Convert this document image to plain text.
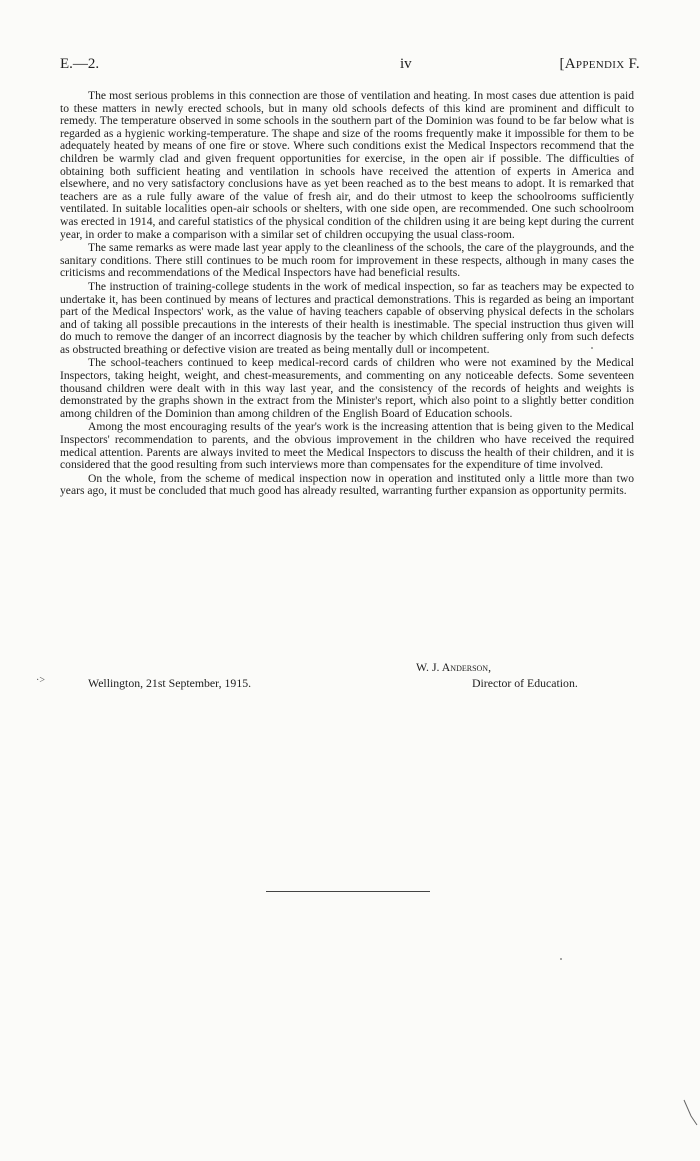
E.—2.	iv	[Appendix F.

The most serious problems in this connection are those of ventilation and heating. In most cases due attention is paid to these matters in newly erected schools, but in many old schools defects of this kind are prominent and difficult to remedy. The temperature observed in some schools in the southern part of the Dominion was found to be far below what is regarded as a hygienic working-temperature. The shape and size of the rooms frequently make it impossible for them to be adequately heated by means of one fire or stove. Where such conditions exist the Medical Inspectors recommend that the children be warmly clad and given frequent opportunities for exercise, in the open air if possible. The difficulties of obtaining both sufficient heating and ventilation in schools have received the attention of experts in America and elsewhere, and no very satisfactory conclusions have as yet been reached as to the best means to adopt. It is remarked that teachers are as a rule fully aware of the value of fresh air, and do their utmost to keep the schoolrooms sufficiently ventilated. In suitable localities open-air schools or shelters, with one side open, are recommended. One such schoolroom was erected in 1914, and careful statistics of the physical condition of the children using it are being kept during the current year, in order to make a comparison with a similar set of children occupying the usual class-room.

The same remarks as were made last year apply to the cleanliness of the schools, the care of the playgrounds, and the sanitary conditions. There still continues to be much room for improvement in these respects, although in many cases the criticisms and recommendations of the Medical Inspectors have had beneficial results.

The instruction of training-college students in the work of medical inspection, so far as teachers may be expected to undertake it, has been continued by means of lectures and practical demonstrations. This is regarded as being an important part of the Medical Inspectors' work, as the value of having teachers capable of observing physical defects in the scholars and of taking all possible precautions in the interests of their health is inestimable. The special instruction thus given will do much to remove the danger of an incorrect diagnosis by the teacher by which children suffering only from such defects as obstructed breathing or defective vision are treated as being mentally dull or incompetent.

The school-teachers continued to keep medical-record cards of children who were not examined by the Medical Inspectors, taking height, weight, and chest-measurements, and commenting on any noticeable defects. Some seventeen thousand children were dealt with in this way last year, and the consistency of the records of heights and weights is demonstrated by the graphs shown in the extract from the Minister's report, which also point to a slightly better condition among children of the Dominion than among children of the English Board of Education schools.

Among the most encouraging results of the year's work is the increasing attention that is being given to the Medical Inspectors' recommendation to parents, and the obvious improvement in the children who have received the required medical attention. Parents are always invited to meet the Medical Inspectors to discuss the health of their children, and it is considered that the good resulting from such interviews more than compensates for the expenditure of time involved.

On the whole, from the scheme of medical inspection now in operation and instituted only a little more than two years ago, it must be concluded that much good has already resulted, warranting further expansion as opportunity permits.

W. J. Anderson,
Wellington, 21st September, 1915.	Director of Education.
·>
